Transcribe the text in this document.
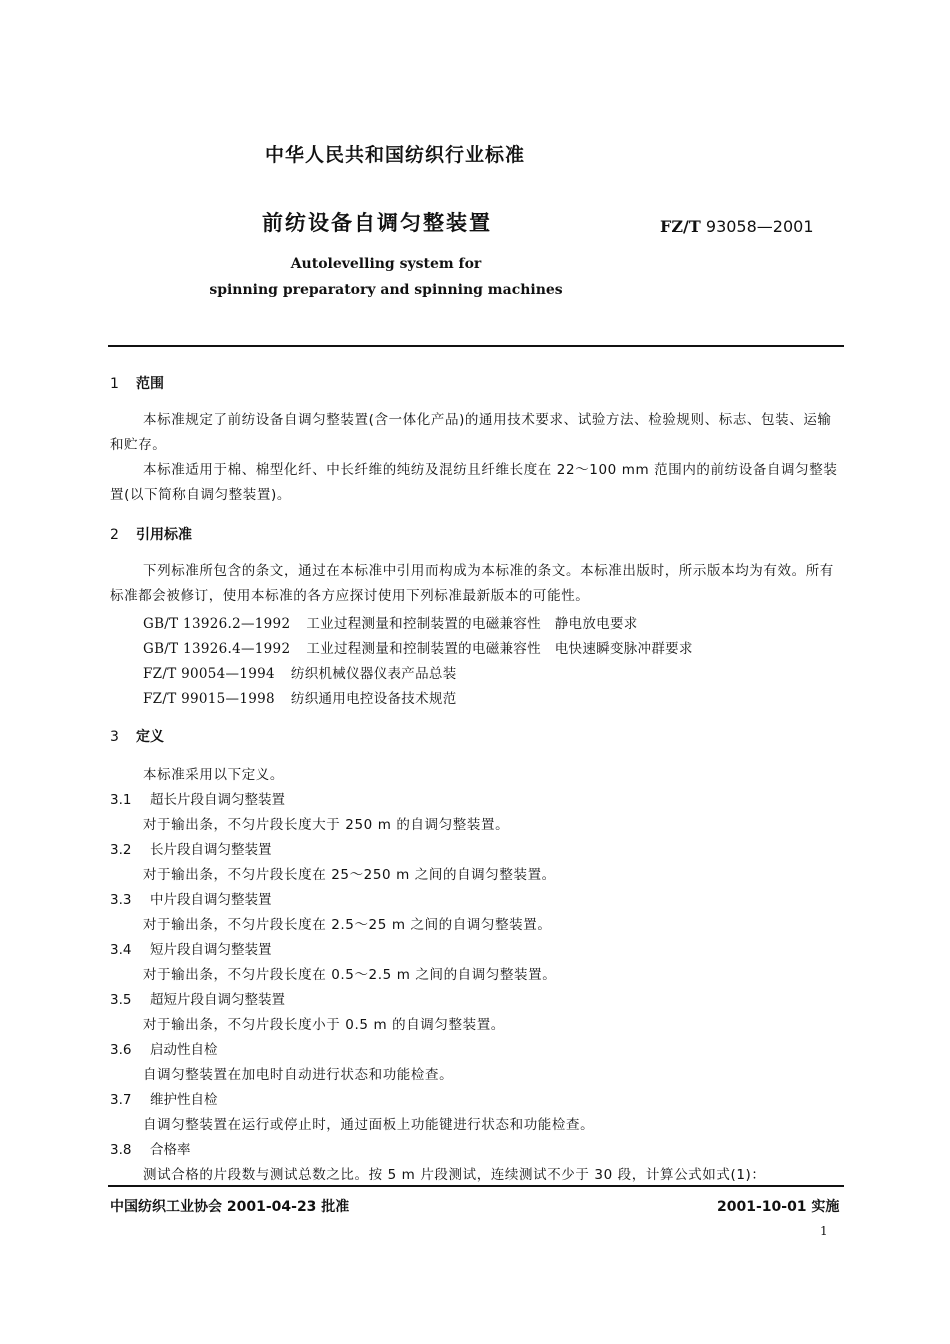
中华人民共和国纺织行业标准
前纺设备自调匀整装置	FZ/T 93058—2001
Autolevelling system for
spinning preparatory and spinning machines
1 范围
本标准规定了前纺设备自调匀整装置(含一体化产品)的通用技术要求、试验方法、检验规则、标志、包装、运输和贮存。
本标准适用于棉、棉型化纤、中长纤维的纯纺及混纺且纤维长度在 22～100 mm 范围内的前纺设备自调匀整装置(以下简称自调匀整装置)。
2 引用标准
下列标准所包含的条文，通过在本标准中引用而构成为本标准的条文。本标准出版时，所示版本均为有效。所有标准都会被修订，使用本标准的各方应探讨使用下列标准最新版本的可能性。
GB/T 13926.2—1992 工业过程测量和控制装置的电磁兼容性　静电放电要求
GB/T 13926.4—1992 工业过程测量和控制装置的电磁兼容性　电快速瞬变脉冲群要求
FZ/T 90054—1994 纺织机械仪器仪表产品总装
FZ/T 99015—1998 纺织通用电控设备技术规范
3 定义
本标准采用以下定义。
3.1 超长片段自调匀整装置
对于输出条，不匀片段长度大于 250 m 的自调匀整装置。
3.2 长片段自调匀整装置
对于输出条，不匀片段长度在 25～250 m 之间的自调匀整装置。
3.3 中片段自调匀整装置
对于输出条，不匀片段长度在 2.5～25 m 之间的自调匀整装置。
3.4 短片段自调匀整装置
对于输出条，不匀片段长度在 0.5～2.5 m 之间的自调匀整装置。
3.5 超短片段自调匀整装置
对于输出条，不匀片段长度小于 0.5 m 的自调匀整装置。
3.6 启动性自检
自调匀整装置在加电时自动进行状态和功能检查。
3.7 维护性自检
自调匀整装置在运行或停止时，通过面板上功能键进行状态和功能检查。
3.8 合格率
测试合格的片段数与测试总数之比。按 5 m 片段测试，连续测试不少于 30 段，计算公式如式(1)：
中国纺织工业协会 2001-04-23 批准	2001-10-01 实施
1
